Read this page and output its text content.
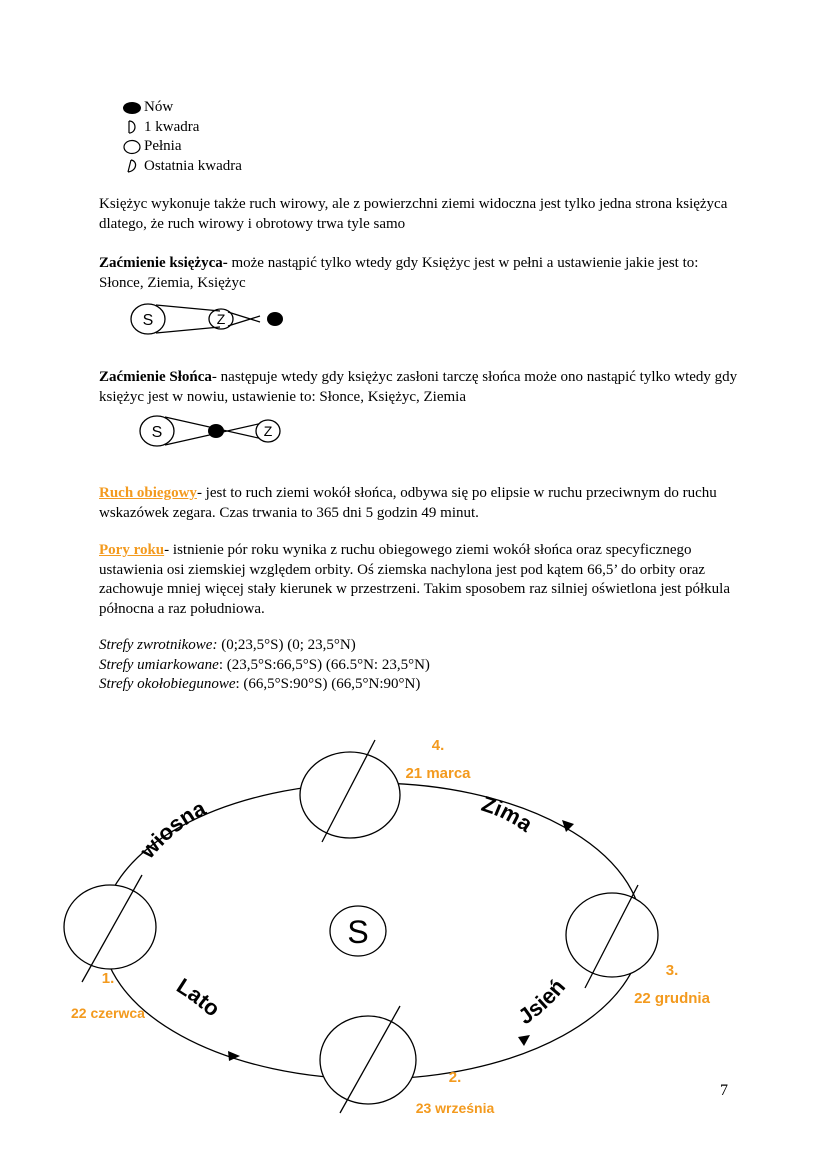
Nów
1 kwadra
Pełnia
Ostatnia kwadra
Księżyc wykonuje także ruch wirowy, ale z powierzchni ziemi widoczna jest tylko jedna strona księżyca dlatego, że ruch wirowy i obrotowy trwa tyle samo
Zaćmienie księżyca- może nastąpić tylko wtedy gdy Księżyc jest w pełni a ustawienie jakie jest to: Słonce, Ziemia, Księżyc
S	Z
Zaćmienie Słońca- następuje wtedy gdy księżyc zasłoni tarczę słońca może ono nastąpić tylko wtedy gdy księżyc jest w nowiu, ustawienie to: Słonce, Księżyc, Ziemia
S	Z
Ruch obiegowy- jest to ruch ziemi wokół słońca, odbywa się po elipsie w ruchu przeciwnym do ruchu wskazówek zegara. Czas trwania to 365 dni 5 godzin 49 minut.
Pory roku- istnienie pór roku wynika z ruchu obiegowego ziemi wokół słońca oraz specyficznego ustawienia osi ziemskiej względem orbity. Oś ziemska nachylona jest pod kątem 66,5’ do orbity oraz zachowuje mniej więcej stały kierunek w przestrzeni. Takim sposobem raz silniej oświetlona jest półkula północna a raz południowa.
Strefy zwrotnikowe: (0;23,5°S) (0; 23,5°N)
Strefy umiarkowane: (23,5°S:66,5°S) (66.5°N: 23,5°N)
Strefy okołobiegunowe: (66,5°S:90°S) (66,5°N:90°N)
S
wiosna
Lato	Jsień
Zima
1.
22 czerwca
2.
23 września
3.
22 grudnia
4.
21 marca
7
